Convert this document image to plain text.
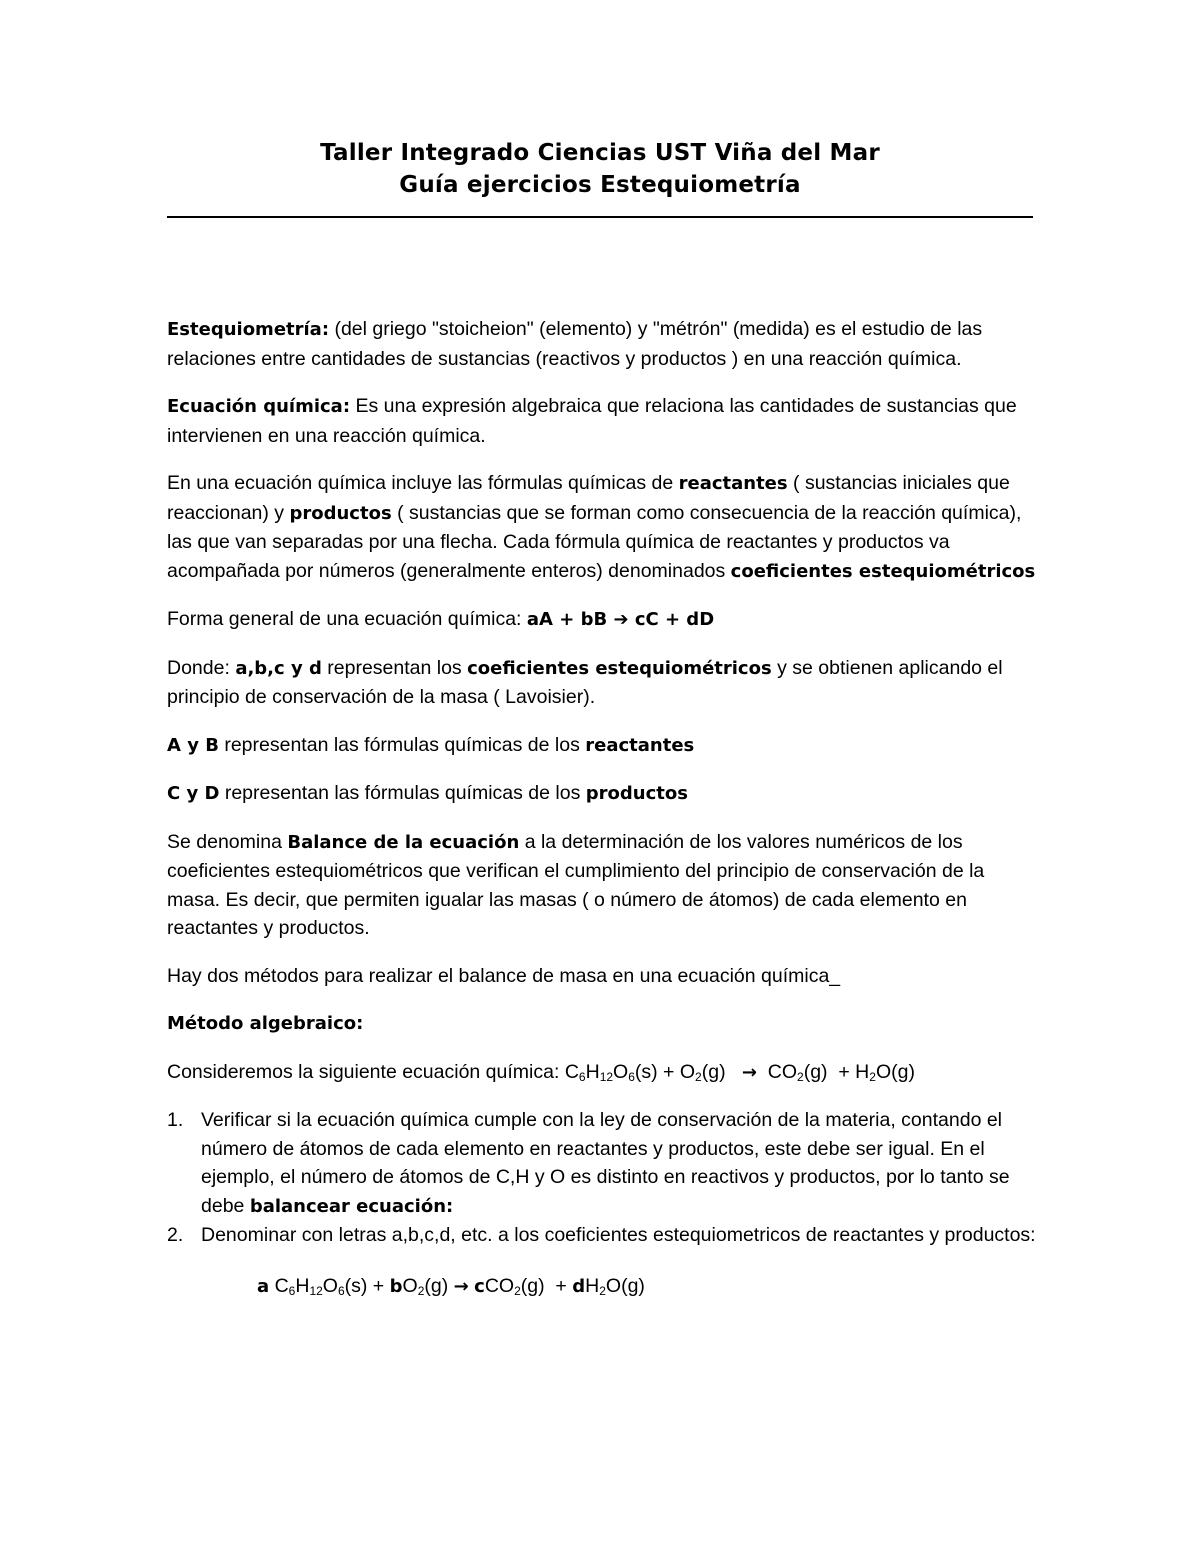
Taller Integrado Ciencias UST Viña del Mar
Guía ejercicios Estequiometría

Estequiometría: (del griego "stoicheion" (elemento) y "métrón" (medida) es el estudio de las relaciones entre cantidades de sustancias (reactivos y productos ) en una reacción química.

Ecuación química: Es una expresión algebraica que relaciona las cantidades de sustancias que intervienen en una reacción química.

En una ecuación química incluye las fórmulas químicas de reactantes ( sustancias iniciales que reaccionan) y productos ( sustancias que se forman como consecuencia de la reacción química), las que van separadas por una flecha. Cada fórmula química de reactantes y productos va acompañada por números (generalmente enteros) denominados coeficientes estequiométricos

Forma general de una ecuación química: aA + bB ➔ cC + dD

Donde: a,b,c y d representan los coeficientes estequiométricos y se obtienen aplicando el principio de conservación de la masa ( Lavoisier).

A y B representan las fórmulas químicas de los reactantes

C y D representan las fórmulas químicas de los productos

Se denomina Balance de la ecuación a la determinación de los valores numéricos de los coeficientes estequiométricos que verifican el cumplimiento del principio de conservación de la masa. Es decir, que permiten igualar las masas ( o número de átomos) de cada elemento en reactantes y productos.

Hay dos métodos para realizar el balance de masa en una ecuación química_

Método algebraico:

Consideremos la siguiente ecuación química: $C_6H_{12}O_6(s) + O_2(g) \to CO_2(g) + H_2O(g)$

1. Verificar si la ecuación química cumple con la ley de conservación de la materia, contando el número de átomos de cada elemento en reactantes y productos, este debe ser igual. En el ejemplo, el número de átomos de C,H y O es distinto en reactivos y productos, por lo tanto se debe balancear ecuación:
2. Denominar con letras a,b,c,d, etc. a los coeficientes estequiometricos de reactantes y productos:
a $C_6H_{12}O_6(s) + bO_2(g) \to cCO_2(g) + dH_2O(g)$
